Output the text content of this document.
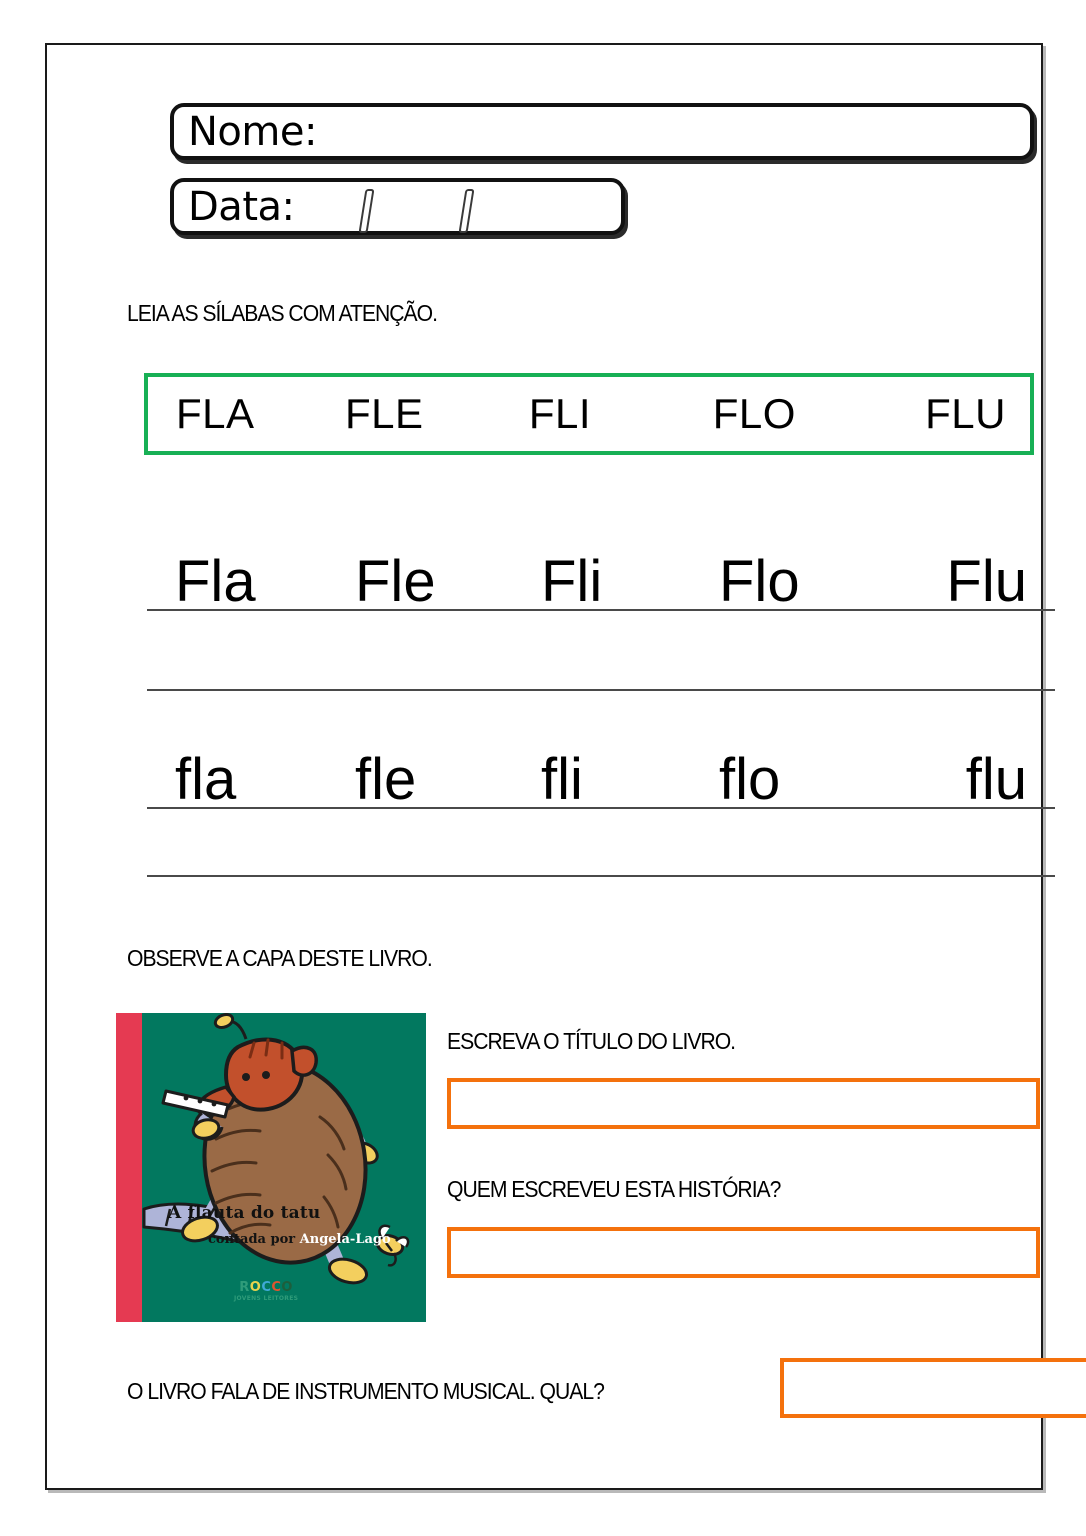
Nome:
Data:
LEIA AS SÍLABAS COM ATENÇÃO.
FLA	FLE	FLI	FLO	FLU
Fla	Fle	Fli	Flo	Flu
fla	fle	fli	flo	flu
OBSERVE A CAPA DESTE LIVRO.
A flauta do tatu
contada por Angela-Lago
ROCCO
JOVENS LEITORES
ESCREVA O TÍTULO DO LIVRO.
QUEM ESCREVEU ESTA HISTÓRIA?
O LIVRO FALA DE INSTRUMENTO MUSICAL. QUAL?
